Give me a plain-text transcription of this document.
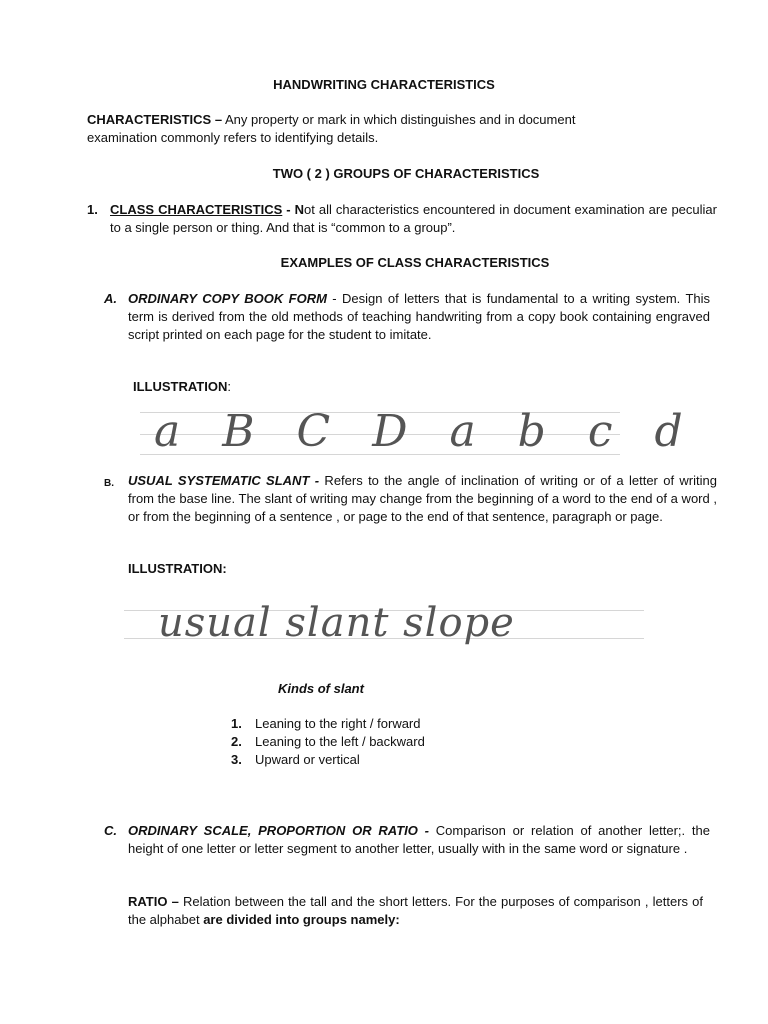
HANDWRITING CHARACTERISTICS
CHARACTERISTICS – Any property or mark in which distinguishes and in document examination commonly refers to identifying details.
TWO ( 2 ) GROUPS OF CHARACTERISTICS
1. CLASS CHARACTERISTICS - Not all characteristics encountered in document examination are peculiar to a single person or thing. And that is “common to a group”.
EXAMPLES OF CLASS CHARACTERISTICS
A. ORDINARY COPY BOOK FORM - Design of letters that is fundamental to a writing system. This term is derived from the old methods of teaching handwriting from a copy book containing engraved script printed on each page for the student to imitate.
ILLUSTRATION:
a B C D a b c d
B. USUAL SYSTEMATIC SLANT - Refers to the angle of inclination of writing or of a letter of writing from the base line. The slant of writing may change from the beginning of a word to the end of a word , or from the beginning of a sentence , or page to the end of that sentence, paragraph or page.
ILLUSTRATION:
usual slant slope
Kinds of slant
1. Leaning to the right / forward
2. Leaning to the left / backward
3. Upward or vertical
C. ORDINARY SCALE, PROPORTION OR RATIO - Comparison or relation of another letter;. the height of one letter or letter segment to another letter, usually with in the same word or signature .
RATIO – Relation between the tall and the short letters. For the purposes of comparison , letters of the alphabet are divided into groups namely:
